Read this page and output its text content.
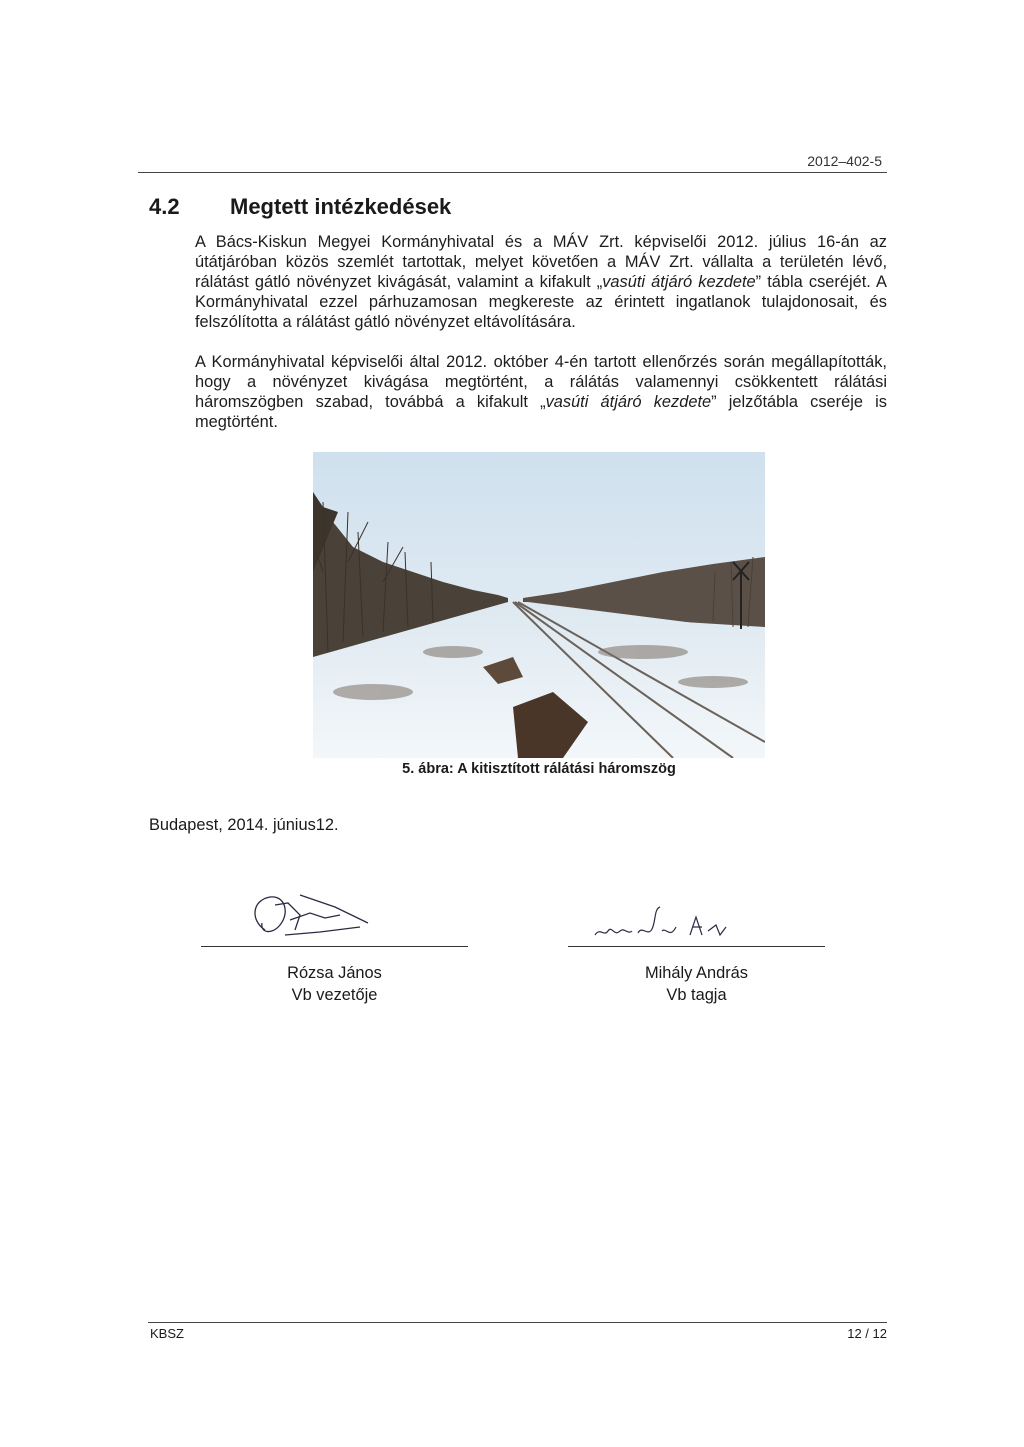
2012–402-5
4.2 Megtett intézkedések
A Bács-Kiskun Megyei Kormányhivatal és a MÁV Zrt. képviselői 2012. július 16-án az útátjáróban közös szemlét tartottak, melyet követően a MÁV Zrt. vállalta a területén lévő, rálátást gátló növényzet kivágását, valamint a kifakult „vasúti átjáró kezdete” tábla cseréjét. A Kormányhivatal ezzel párhuzamosan megkereste az érintett ingatlanok tulajdonosait, és felszólította a rálátást gátló növényzet eltávolítására.
A Kormányhivatal képviselői által 2012. október 4-én tartott ellenőrzés során megállapították, hogy a növényzet kivágása megtörtént, a rálátás valamennyi csökkentett rálátási háromszögben szabad, továbbá a kifakult „vasúti átjáró kezdete” jelzőtábla cseréje is megtörtént.
5. ábra: A kitisztított rálátási háromszög
Budapest, 2014. június12.
Rózsa János
Vb vezetője
Mihály András
Vb tagja
KBSZ	12 / 12
